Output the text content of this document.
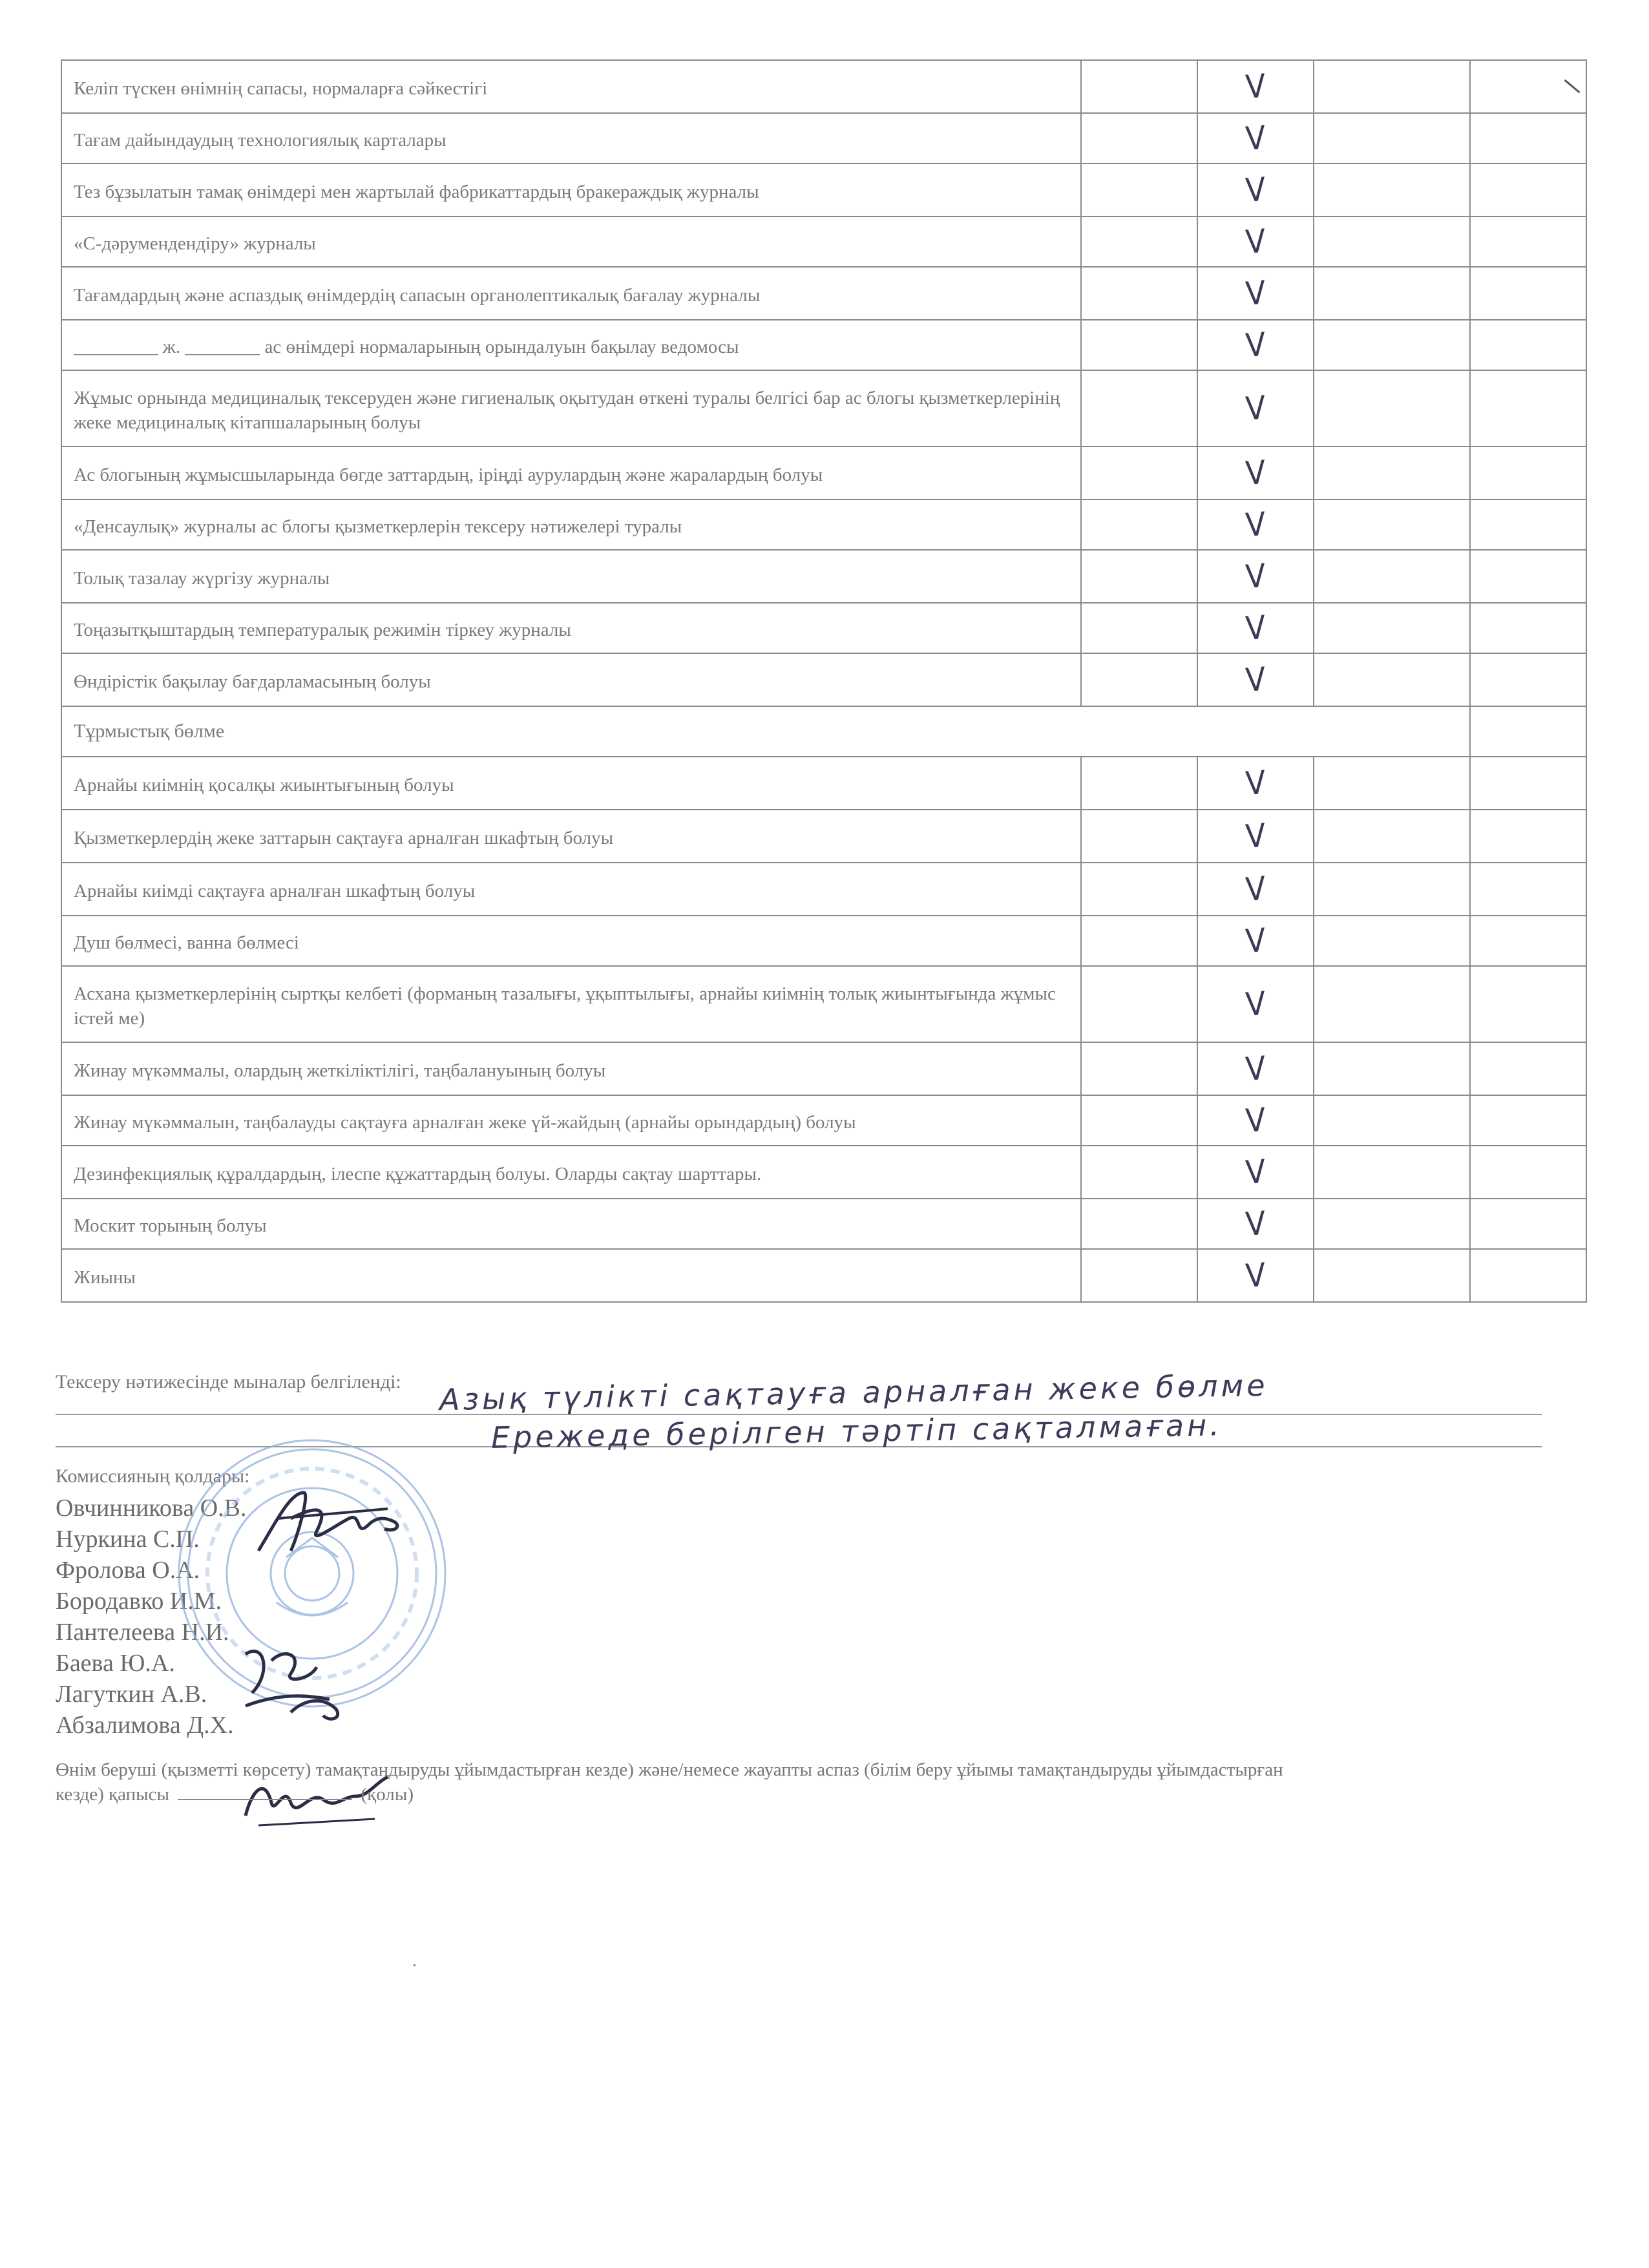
Келіп түскен өнімнің сапасы, нормаларға сәйкестігі		V		
Тағам дайындаудың технологиялық карталары		V		
Тез бұзылатын тамақ өнімдері мен жартылай фабрикаттардың бракераждық журналы		V		
«С-дәрумендендіру» журналы		V		
Тағамдардың және аспаздық өнімдердің сапасын органолептикалық бағалау журналы		V		
_________ ж. ________ ас өнімдері нормаларының орындалуын бақылау ведомосы		V		
Жұмыс орнында медициналық тексеруден және гигиеналық оқытудан өткені туралы белгісі бар ас блогы қызметкерлерінің жеке медициналық кітапшаларының болуы		V		
Ас блогының жұмысшыларында бөгде заттардың, іріңді аурулардың және жаралардың болуы		V		
«Денсаулық» журналы ас блогы қызметкерлерін тексеру нәтижелері туралы		V		
Толық тазалау жүргізу журналы		V		
Тоңазытқыштардың температуралық режимін тіркеу журналы		V		
Өндірістік бақылау бағдарламасының болуы		V		
Тұрмыстық бөлме				
Арнайы киімнің қосалқы жиынтығының болуы		V		
Қызметкерлердің жеке заттарын сақтауға арналған шкафтың болуы		V		
Арнайы киімді сақтауға арналған шкафтың болуы		V		
Душ бөлмесі, ванна бөлмесі		V		
Асхана қызметкерлерінің сыртқы келбеті (форманың тазалығы, ұқыптылығы, арнайы киімнің толық жиынтығында жұмыс істей ме)		V		
Жинау мүкәммалы, олардың жеткіліктілігі, таңбалануының болуы		V		
Жинау мүкәммалын, таңбалауды сақтауға арналған жеке үй-жайдың (арнайы орындардың) болуы		V		
Дезинфекциялық құралдардың, ілеспе құжаттардың болуы. Оларды сақтау шарттары.		V		
Москит торының болуы		V		
Жиыны		V		
Тексеру нәтижесінде мыналар белгіленді: Азық түлікті сақтауға арналған жеке бөлме
Ережеде берілген тәртіп сақталмаған.
Комиссияның қолдары:
Овчинникова О.В.
Нуркина С.П.
Фролова О.А.
Бородавко И.М.
Пантелеева Н.И.
Баева Ю.А.
Лагуткин А.В.
Абзалимова Д.Х.
Өнім беруші (қызметті көрсету) тамақтандыруды ұйымдастырған кезде) және/немесе жауапты аспаз (білім беру ұйымы тамақтандыруды ұйымдастырған
кезде) қапысы	(қолы)
